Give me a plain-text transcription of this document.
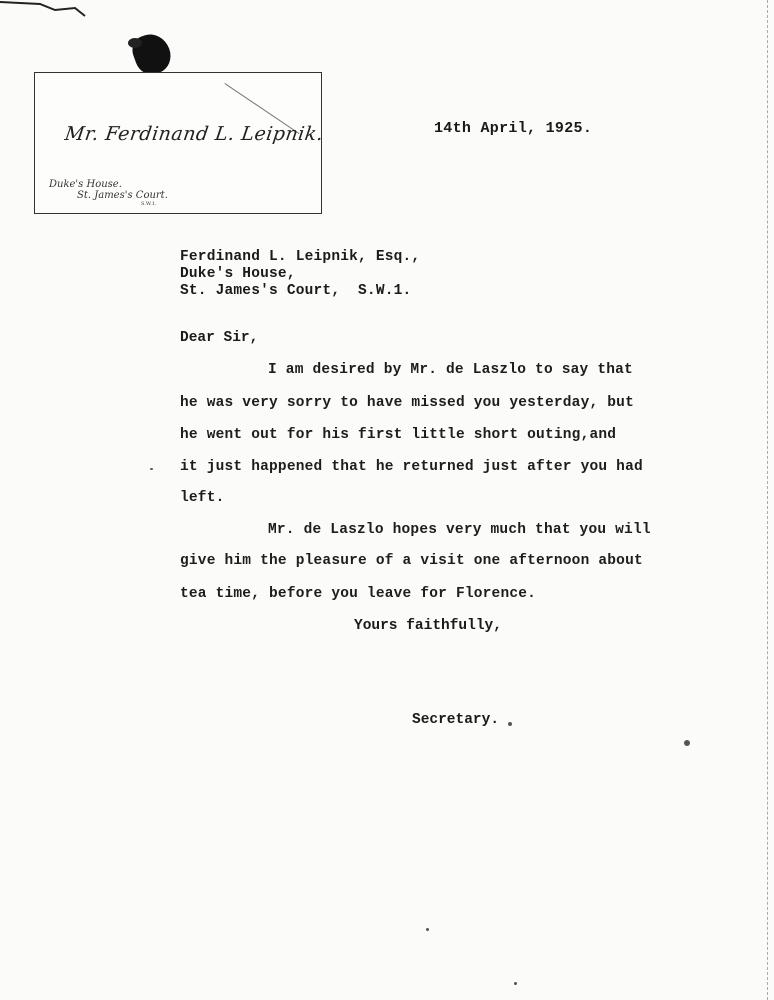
Mr. Ferdinand L. Leipnik.
Duke's House.
St. James's Court.
S.W.1.
14th April, 1925.
Ferdinand L. Leipnik, Esq.,
Duke's House,
St. James's Court,  S.W.1.
Dear Sir,
I am desired by Mr. de Laszlo to say that
he was very sorry to have missed you yesterday, but
he went out for his first little short outing,and
it just happened that he returned just after you had
left.
Mr. de Laszlo hopes very much that you will
give him the pleasure of a visit one afternoon about
tea time, before you leave for Florence.
Yours faithfully,
Secretary.
